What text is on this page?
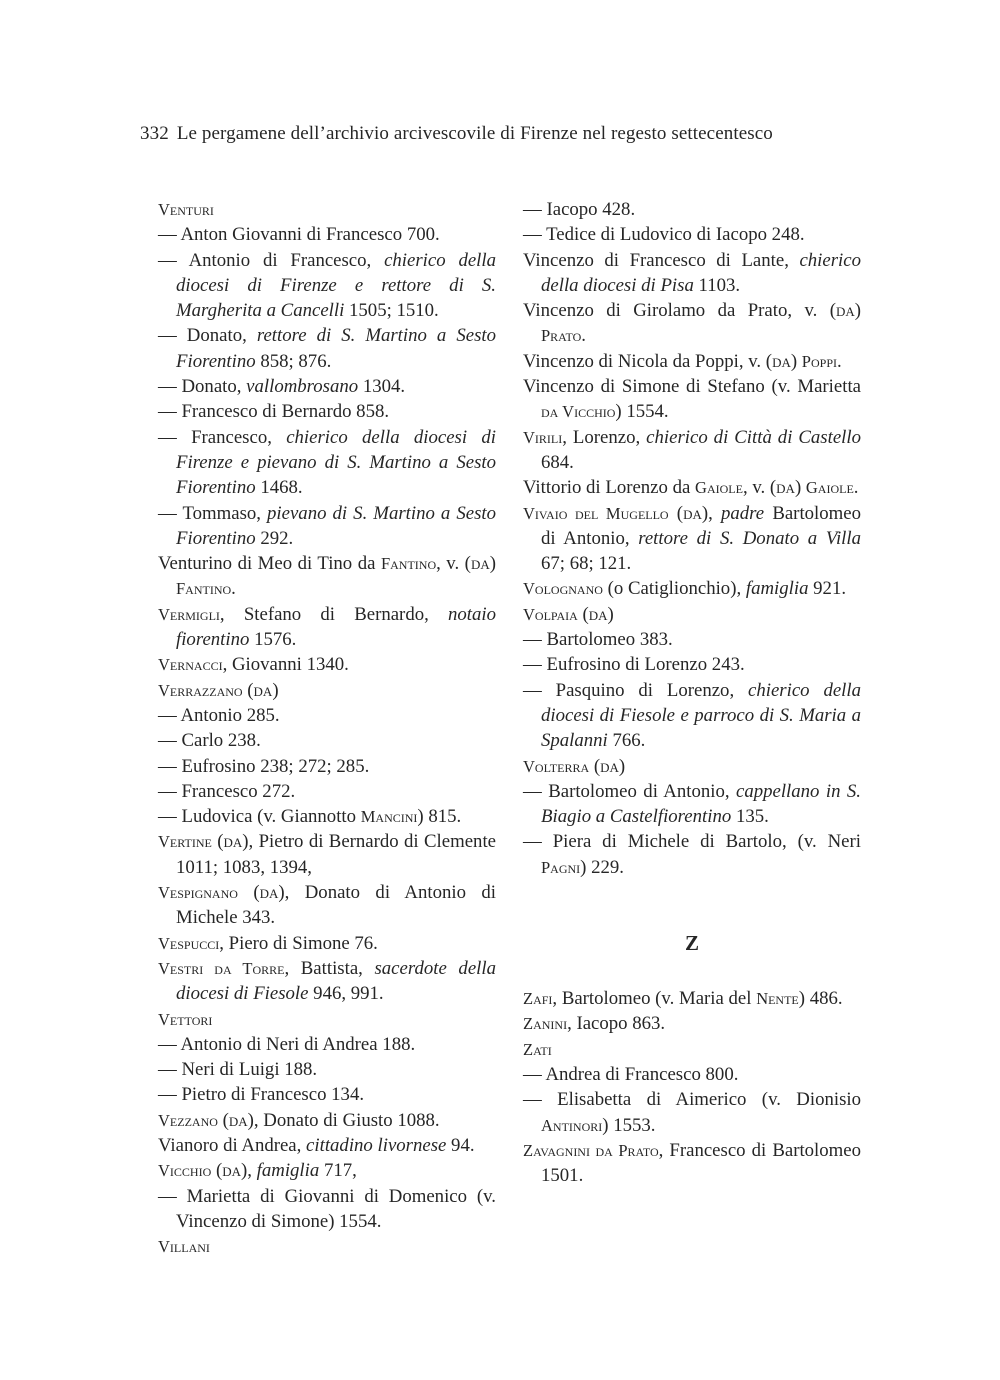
332 Le pergamene dell’archivio arcivescovile di Firenze nel regesto settecentesco

Venturi

— Anton Giovanni di Francesco 700.

— Antonio di Francesco, chierico della diocesi di Firenze e rettore di S. Margherita a Cancelli 1505; 1510.

— Donato, rettore di S. Martino a Sesto Fiorentino 858; 876.

— Donato, vallombrosano 1304.

— Francesco di Bernardo 858.

— Francesco, chierico della diocesi di Firenze e pievano di S. Martino a Sesto Fiorentino 1468.

— Tommaso, pievano di S. Martino a Sesto Fiorentino 292.

Venturino di Meo di Tino da Fantino, v. (da) Fantino.

Vermigli, Stefano di Bernardo, notaio fiorentino 1576.

Vernacci, Giovanni 1340.

Verrazzano (da)

— Antonio 285.

— Carlo 238.

— Eufrosino 238; 272; 285.

— Francesco 272.

— Ludovica (v. Giannotto Mancini) 815.

Vertine (da), Pietro di Bernardo di Clemente 1011; 1083, 1394,

Vespignano (da), Donato di Antonio di Michele 343.

Vespucci, Piero di Simone 76.

Vestri da Torre, Battista, sacerdote della diocesi di Fiesole 946, 991.

Vettori

— Antonio di Neri di Andrea 188.

— Neri di Luigi 188.

— Pietro di Francesco 134.

Vezzano (da), Donato di Giusto 1088.

Vianoro di Andrea, cittadino livornese 94.

Vicchio (da), famiglia 717,

— Marietta di Giovanni di Domenico (v. Vincenzo di Simone) 1554.

Villani

— Iacopo 428.

— Tedice di Ludovico di Iacopo 248.

Vincenzo di Francesco di Lante, chierico della diocesi di Pisa 1103.

Vincenzo di Girolamo da Prato, v. (da) Prato.

Vincenzo di Nicola da Poppi, v. (da) Poppi.

Vincenzo di Simone di Stefano (v. Marietta da Vicchio) 1554.

Virili, Lorenzo, chierico di Città di Castello 684.

Vittorio di Lorenzo da Gaiole, v. (da) Gaiole.

Vivaio del Mugello (da), padre Bartolomeo di Antonio, rettore di S. Donato a Villa 67; 68; 121.

Volognano (o Catiglionchio), famiglia 921.

Volpaia (da)

— Bartolomeo 383.

— Eufrosino di Lorenzo 243.

— Pasquino di Lorenzo, chierico della diocesi di Fiesole e parroco di S. Maria a Spalanni 766.

Volterra (da)

— Bartolomeo di Antonio, cappellano in S. Biagio a Castelfiorentino 135.

— Piera di Michele di Bartolo, (v. Neri Pagni) 229.

Z

Zafi, Bartolomeo (v. Maria del Nente) 486.

Zanini, Iacopo 863.

Zati

— Andrea di Francesco 800.

— Elisabetta di Aimerico (v. Dionisio Antinori) 1553.

Zavagnini da Prato, Francesco di Bartolomeo 1501.
